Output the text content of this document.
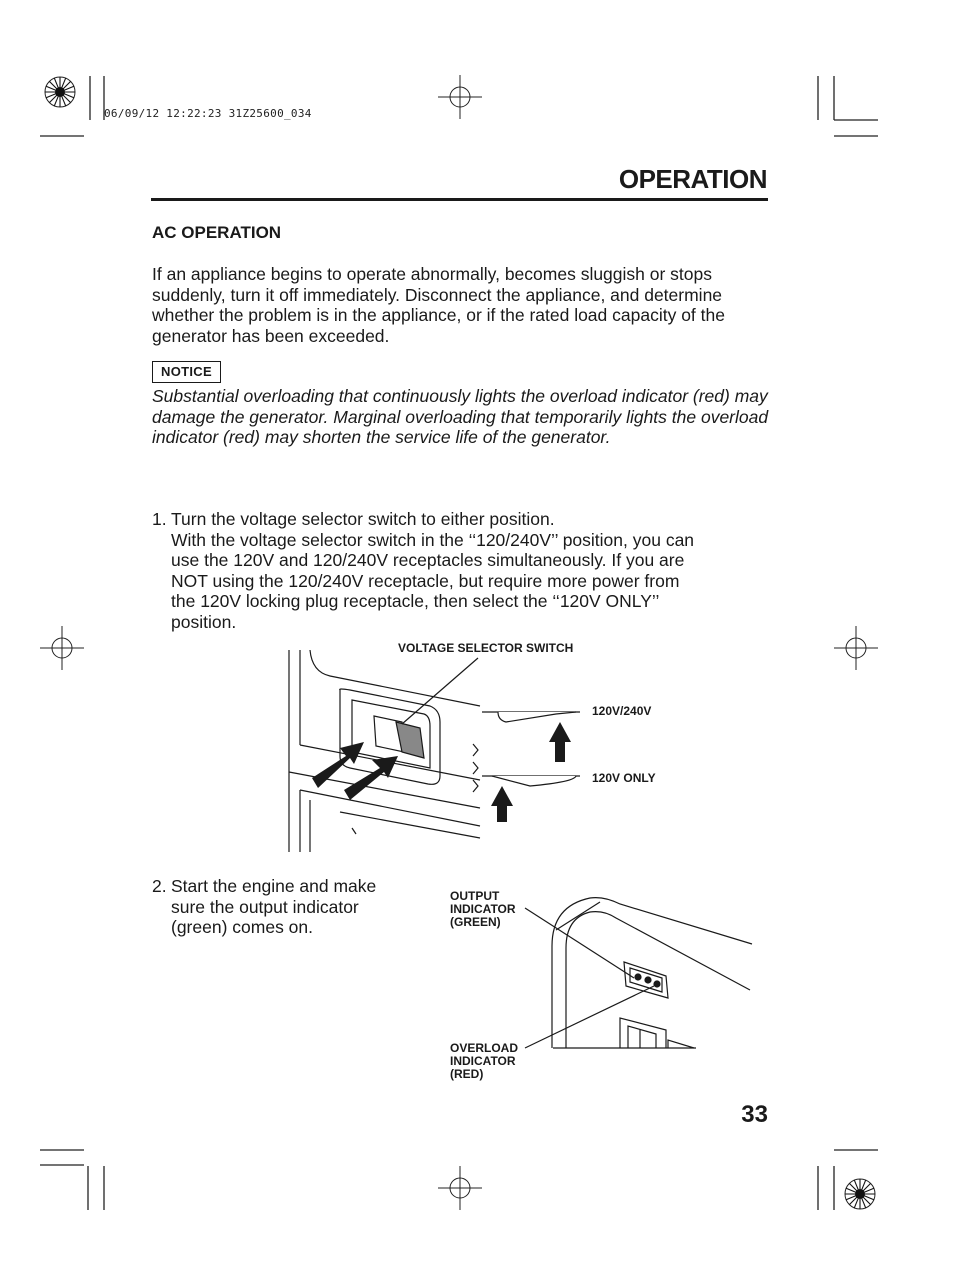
06/09/12 12:22:23 31Z25600_034
OPERATION
AC OPERATION
If an appliance begins to operate abnormally, becomes sluggish or stops suddenly, turn it off immediately. Disconnect the appliance, and determine whether the problem is in the appliance, or if the rated load capacity of the generator has been exceeded.
NOTICE
Substantial overloading that continuously lights the overload indicator (red) may damage the generator. Marginal overloading that temporarily lights the overload indicator (red) may shorten the service life of the generator.
1. Turn the voltage selector switch to either position.
With the voltage selector switch in the ‘‘120/240V’’ position, you can
use the 120V and 120/240V receptacles simultaneously. If you are
NOT using the 120/240V receptacle, but require more power from
the 120V locking plug receptacle, then select the ‘‘120V ONLY’’
position.
VOLTAGE SELECTOR SWITCH
120V/240V
120V ONLY
2. Start the engine and make
sure the output indicator
(green) comes on.
OUTPUT
INDICATOR
(GREEN)
OVERLOAD
INDICATOR
(RED)
33
